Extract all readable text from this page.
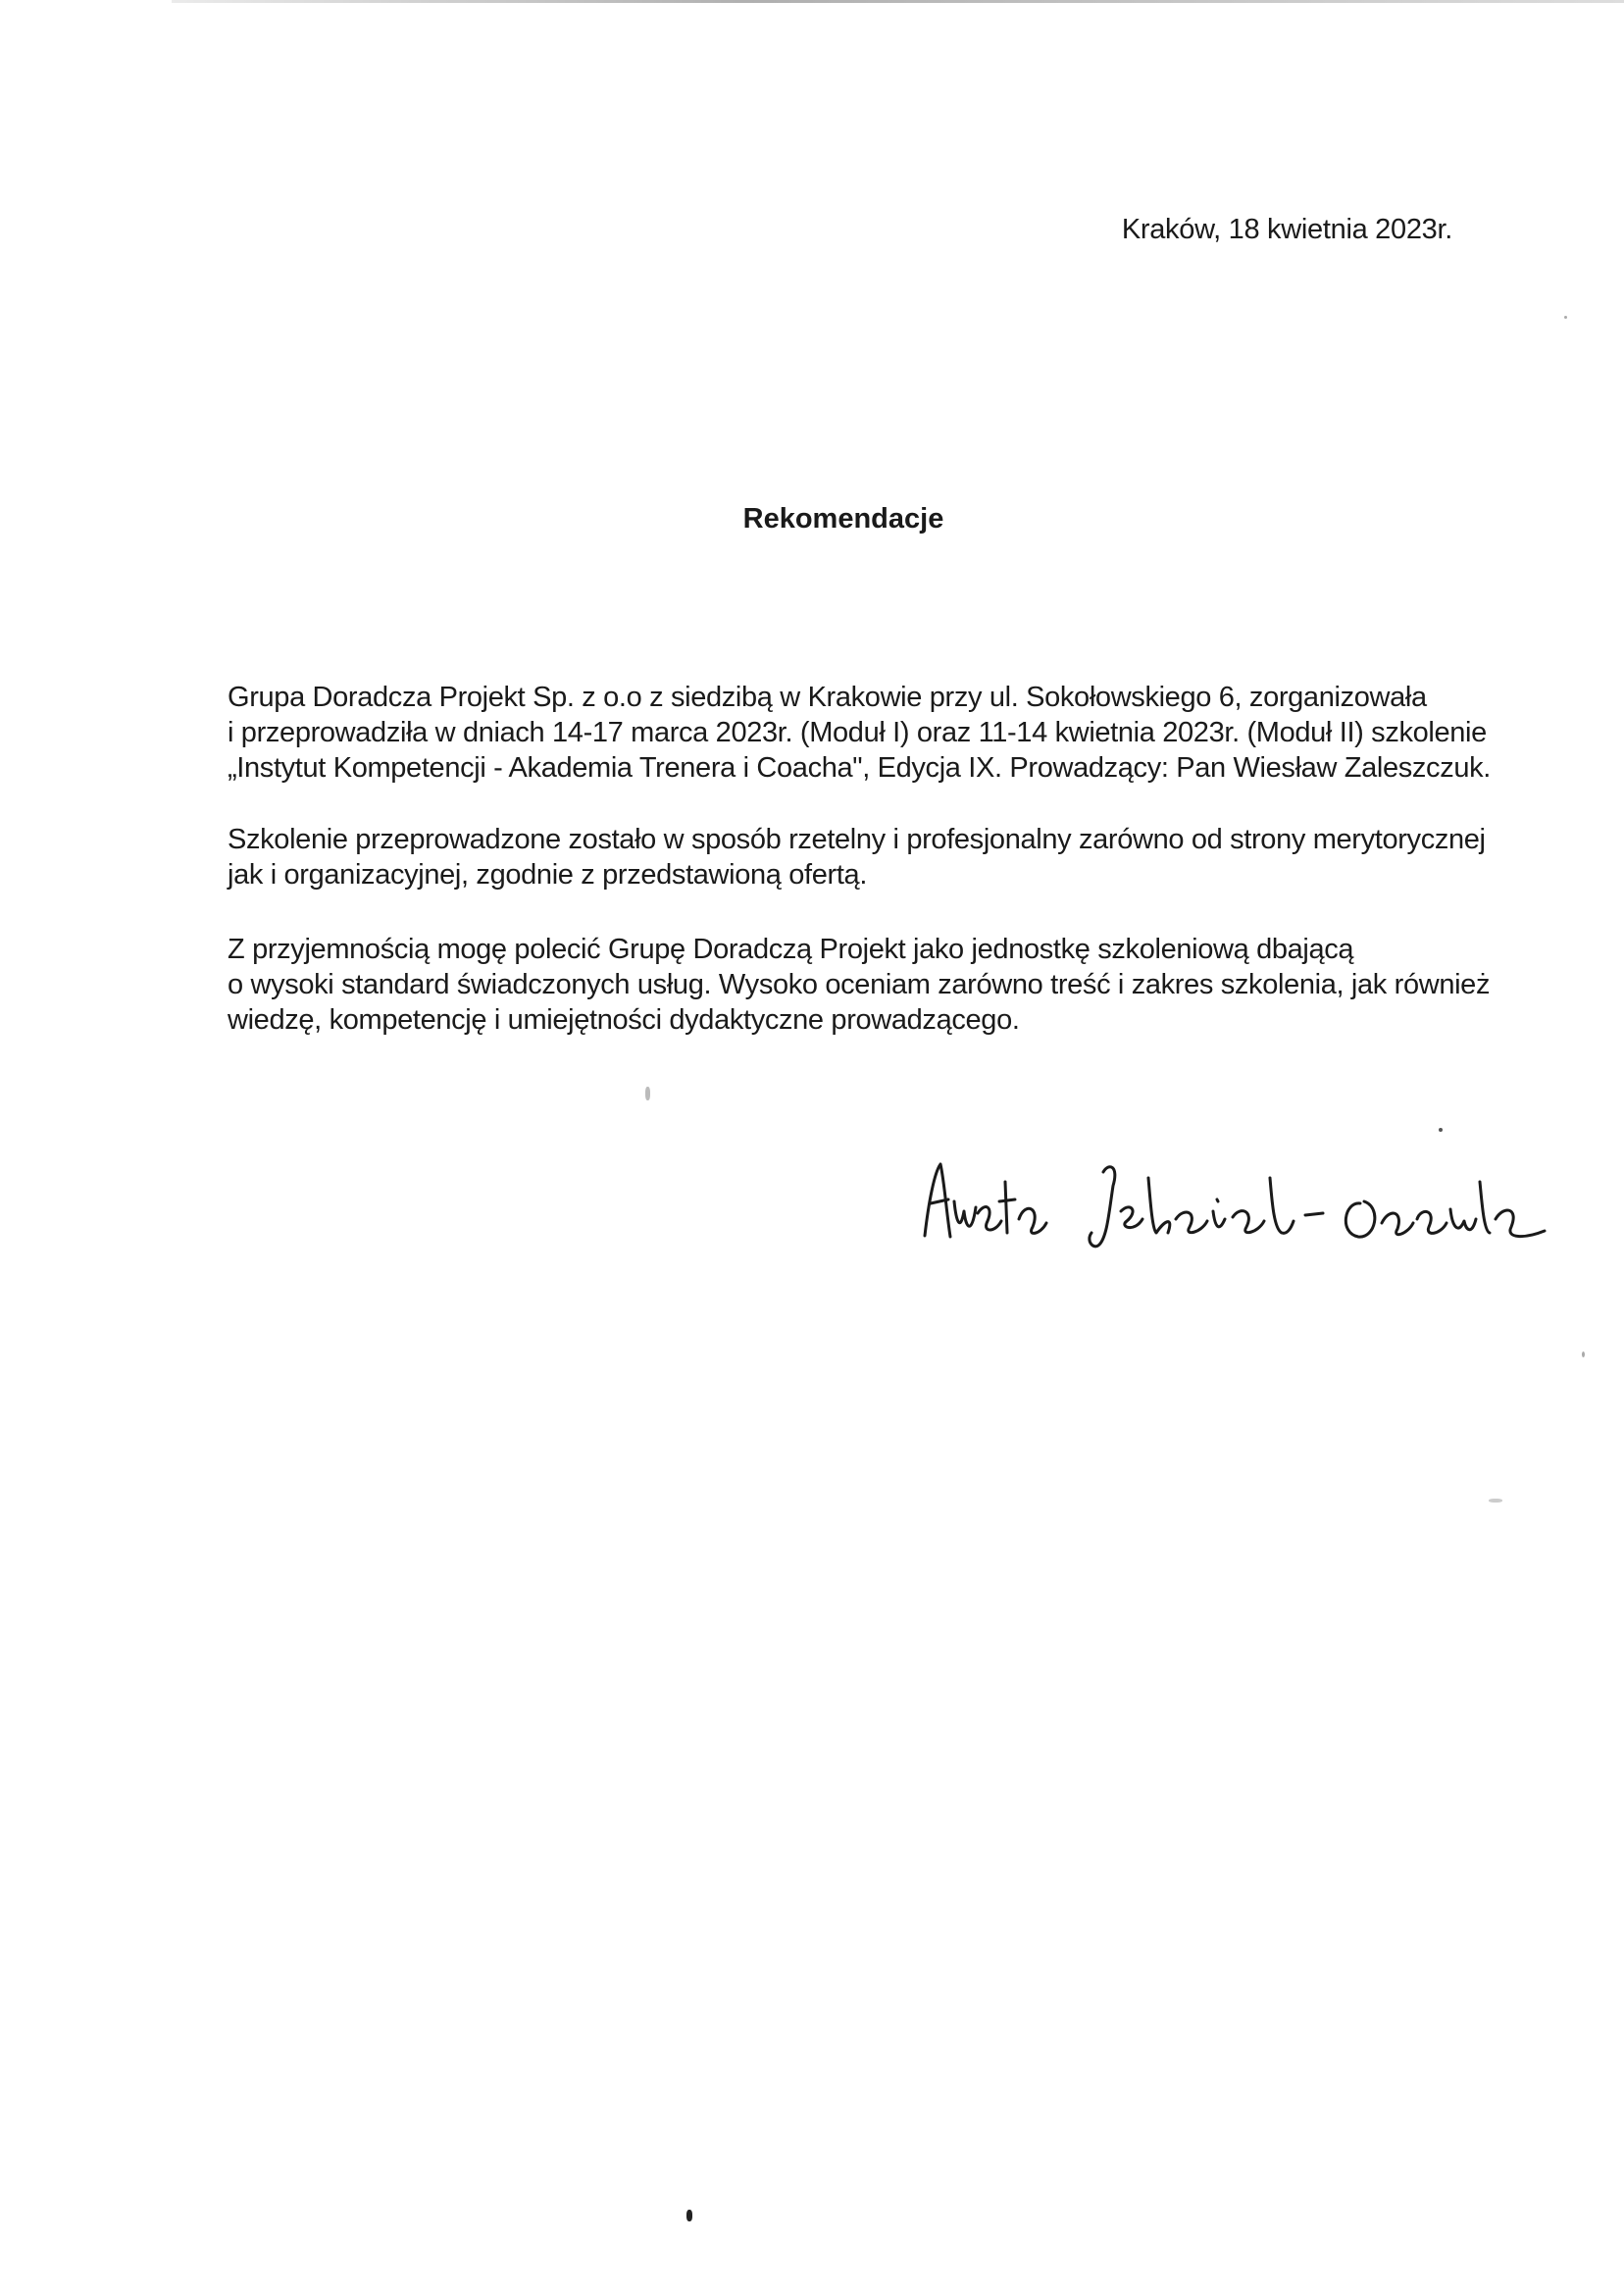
Kraków, 18 kwietnia 2023r.
Rekomendacje

Grupa Doradcza Projekt Sp. z o.o z siedzibą w Krakowie przy ul. Sokołowskiego 6, zorganizowała
i przeprowadziła w dniach 14-17 marca 2023r. (Moduł I) oraz 11-14 kwietnia 2023r. (Moduł II) szkolenie
„Instytut Kompetencji - Akademia Trenera i Coacha", Edycja IX. Prowadzący: Pan Wiesław Zaleszczuk.

Szkolenie przeprowadzone zostało w sposób rzetelny i profesjonalny zarówno od strony merytorycznej
jak i organizacyjnej, zgodnie z przedstawioną ofertą.

Z przyjemnością mogę polecić Grupę Doradczą Projekt jako jednostkę szkoleniową dbającą
o wysoki standard świadczonych usług. Wysoko oceniam zarówno treść i zakres szkolenia, jak również
wiedzę, kompetencję i umiejętności dydaktyczne prowadzącego.
